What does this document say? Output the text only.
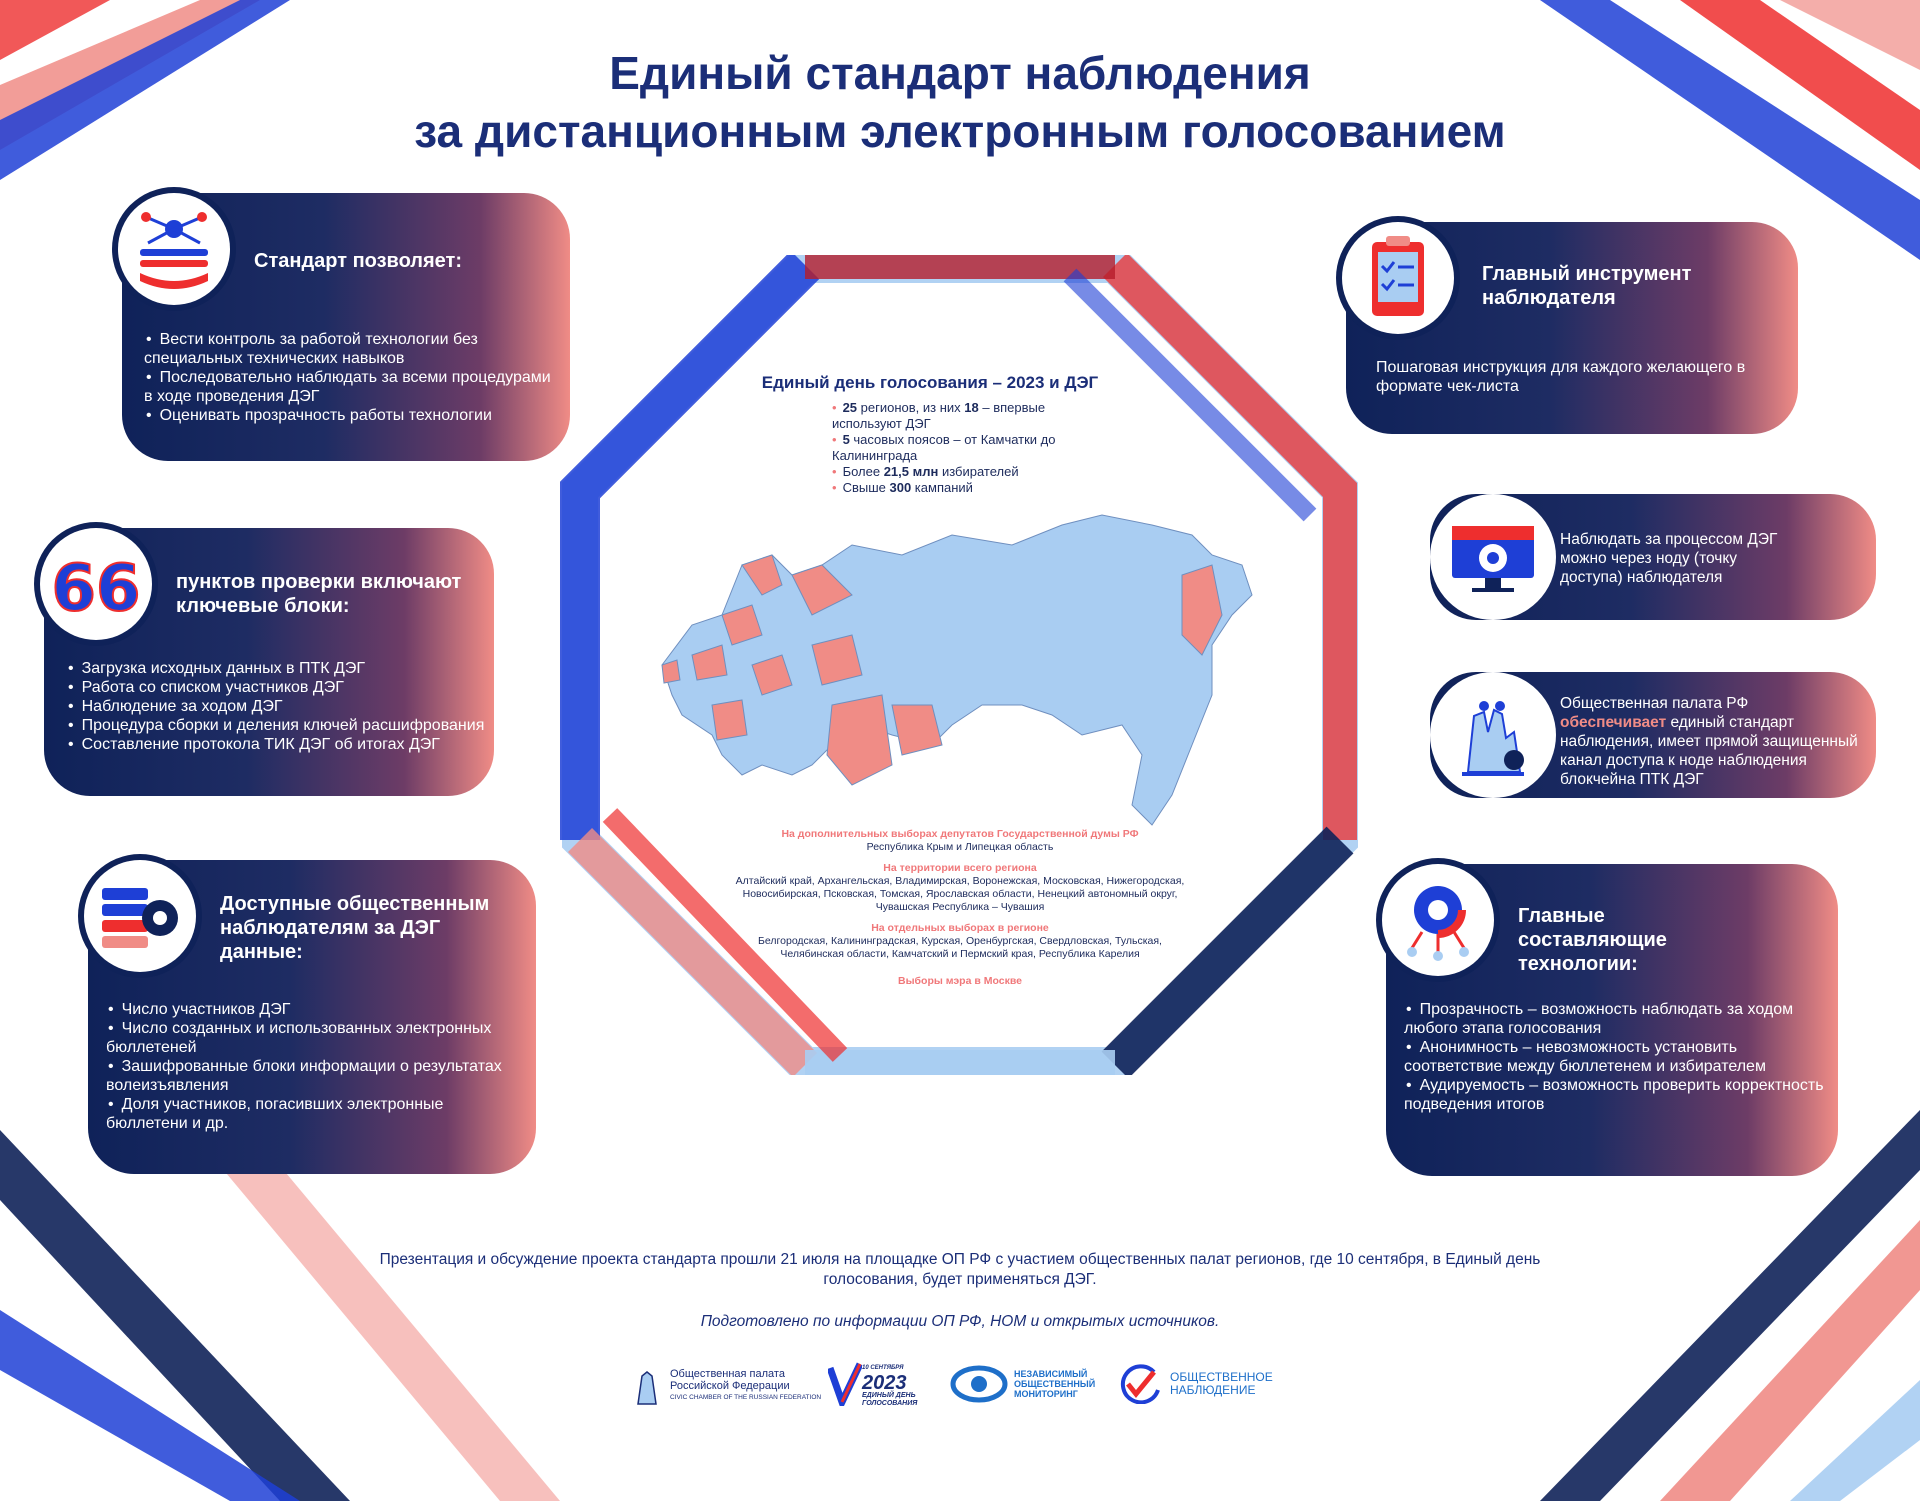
Единый стандарт наблюдения
за дистанционным электронным голосованием
Единый день голосования – 2023 и ДЭГ
• 25 регионов, из них 18 – впервые используют ДЭГ
• 5 часовых поясов – от Камчатки до Калининграда
• Более 21,5 млн избирателей
• Свыше 300 кампаний
На дополнительных выборах депутатов Государственной думы РФ
Республика Крым и Липецкая область
На территории всего региона
Алтайский край, Архангельская, Владимирская, Воронежская, Московская, Нижегородская, Новосибирская, Псковская, Томская, Ярославская области, Ненецкий автономный округ, Чувашская Республика – Чувашия
На отдельных выборах в регионе
Белгородская, Калининградская, Курская, Оренбургская, Свердловская, Тульская, Челябинская области, Камчатский и Пермский края, Республика Карелия
Выборы мэра в Москве
Стандарт позволяет:
• Вести контроль за работой технологии без специальных технических навыков
• Последовательно наблюдать за всеми процедурами в ходе проведения ДЭГ
• Оценивать прозрачность работы технологии
66 пунктов проверки включают ключевые блоки:
• Загрузка исходных данных в ПТК ДЭГ
• Работа со списком участников ДЭГ
• Наблюдение за ходом ДЭГ
• Процедура сборки и деления ключей расшифрования
• Составление протокола ТИК ДЭГ об итогах ДЭГ
Доступные общественным наблюдателям за ДЭГ данные:
• Число участников ДЭГ
• Число созданных и использованных электронных бюллетеней
• Зашифрованные блоки информации о результатах волеизъявления
• Доля участников, погасивших электронные бюллетени и др.
Главный инструмент наблюдателя
Пошаговая инструкция для каждого желающего в формате чек-листа
Наблюдать за процессом ДЭГ можно через ноду (точку доступа) наблюдателя
Общественная палата РФ
обеспечивает единый стандарт наблюдения, имеет прямой защищенный канал доступа к ноде наблюдения блокчейна ПТК ДЭГ
Главные составляющие технологии:
• Прозрачность – возможность наблюдать за ходом любого этапа голосования
• Анонимность – невозможность установить соответствие между бюллетенем и избирателем
• Аудируемость – возможность проверить корректность подведения итогов
Презентация и обсуждение проекта стандарта прошли 21 июля на площадке ОП РФ с участием общественных палат регионов, где 10 сентября, в Единый день голосования, будет применяться ДЭГ.
Подготовлено по информации ОП РФ, НОМ и открытых источников.
Общественная палата
Российской Федерации
CIVIC CHAMBER OF THE RUSSIAN FEDERATION
10 СЕНТЯБРЯ
2023
ЕДИНЫЙ ДЕНЬ
ГОЛОСОВАНИЯ
НЕЗАВИСИМЫЙ
ОБЩЕСТВЕННЫЙ
МОНИТОРИНГ
ОБЩЕСТВЕННОЕ
НАБЛЮДЕНИЕ
